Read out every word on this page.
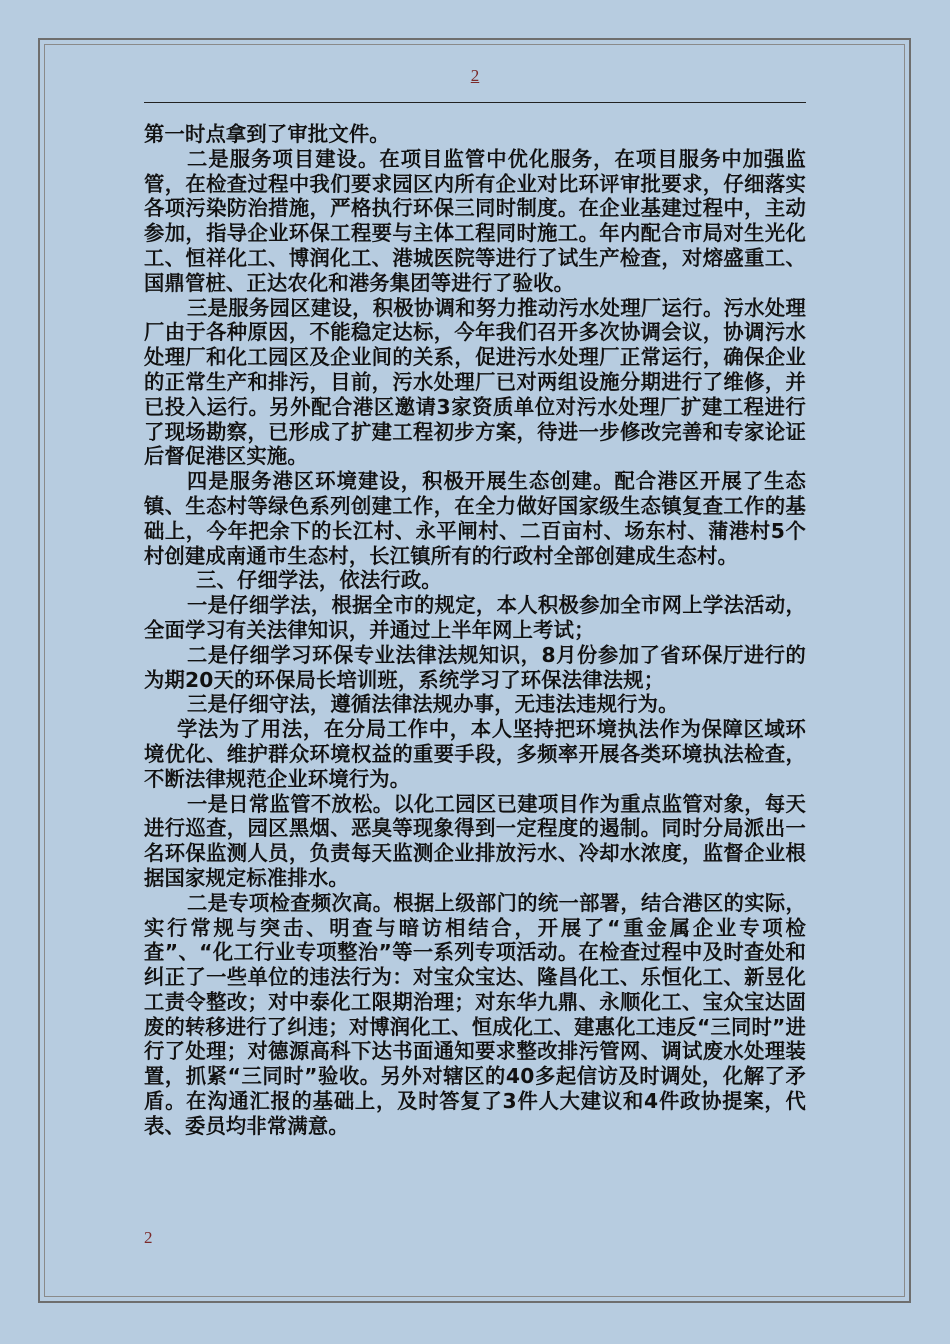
2

第一时点拿到了审批文件。

二是服务项目建设。在项目监管中优化服务，在项目服务中加强监管，在检查过程中我们要求园区内所有企业对比环评审批要求，仔细落实各项污染防治措施，严格执行环保三同时制度。在企业基建过程中，主动参加，指导企业环保工程要与主体工程同时施工。年内配合市局对生光化工、恒祥化工、博润化工、港城医院等进行了试生产检查，对熔盛重工、国鼎管桩、正达农化和港务集团等进行了验收。

三是服务园区建设，积极协调和努力推动污水处理厂运行。污水处理厂由于各种原因，不能稳定达标，今年我们召开多次协调会议，协调污水处理厂和化工园区及企业间的关系，促进污水处理厂正常运行，确保企业的正常生产和排污，目前，污水处理厂已对两组设施分期进行了维修，并已投入运行。另外配合港区邀请3家资质单位对污水处理厂扩建工程进行了现场勘察，已形成了扩建工程初步方案，待进一步修改完善和专家论证后督促港区实施。

四是服务港区环境建设，积极开展生态创建。配合港区开展了生态镇、生态村等绿色系列创建工作，在全力做好国家级生态镇复查工作的基础上，今年把余下的长江村、永平闸村、二百亩村、场东村、蒲港村5个村创建成南通市生态村，长江镇所有的行政村全部创建成生态村。

三、仔细学法，依法行政。

一是仔细学法，根据全市的规定，本人积极参加全市网上学法活动，全面学习有关法律知识，并通过上半年网上考试；

二是仔细学习环保专业法律法规知识，8月份参加了省环保厅进行的为期20天的环保局长培训班，系统学习了环保法律法规；

三是仔细守法，遵循法律法规办事，无违法违规行为。

学法为了用法，在分局工作中，本人坚持把环境执法作为保障区域环境优化、维护群众环境权益的重要手段，多频率开展各类环境执法检查，不断法律规范企业环境行为。

一是日常监管不放松。以化工园区已建项目作为重点监管对象，每天进行巡查，园区黑烟、恶臭等现象得到一定程度的遏制。同时分局派出一名环保监测人员，负责每天监测企业排放污水、冷却水浓度，监督企业根据国家规定标准排水。

二是专项检查频次高。根据上级部门的统一部署，结合港区的实际，实行常规与突击、明查与暗访相结合，开展了“重金属企业专项检查”、“化工行业专项整治”等一系列专项活动。在检查过程中及时查处和纠正了一些单位的违法行为：对宝众宝达、隆昌化工、乐恒化工、新昱化工责令整改；对中泰化工限期治理；对东华九鼎、永顺化工、宝众宝达固废的转移进行了纠违；对博润化工、恒成化工、建惠化工违反“三同时”进行了处理；对德源高科下达书面通知要求整改排污管网、调试废水处理装置，抓紧“三同时”验收。另外对辖区的40多起信访及时调处，化解了矛盾。在沟通汇报的基础上，及时答复了3件人大建议和4件政协提案，代表、委员均非常满意。

2
